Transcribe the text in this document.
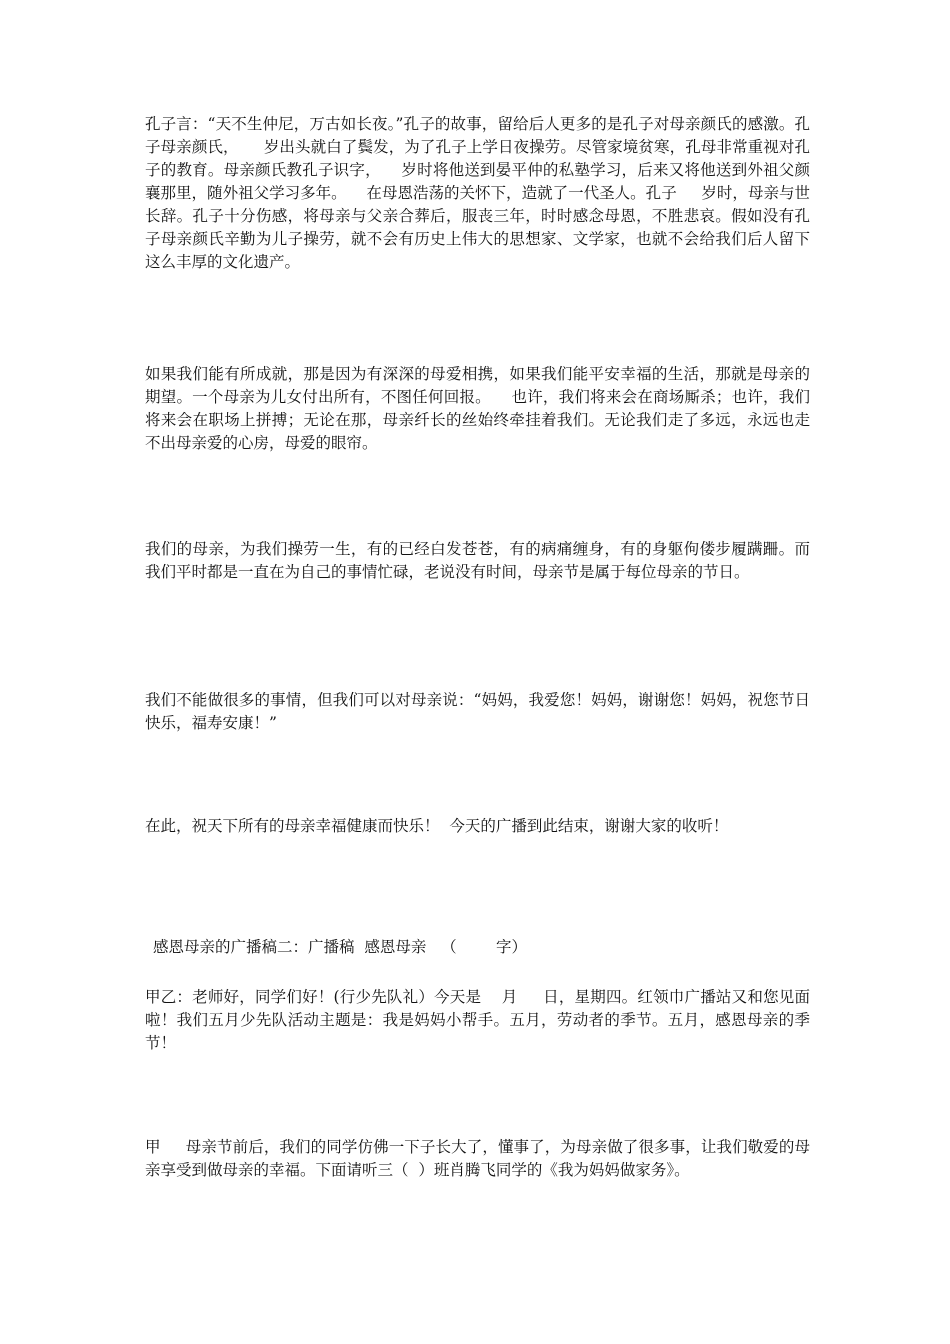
孔子言：“天不生仲尼，万古如长夜。”孔子的故事，留给后人更多的是孔子对母亲颜氏的感激。孔子母亲颜氏，     岁出头就白了鬓发，为了孔子上学日夜操劳。尽管家境贫寒，孔母非常重视对孔子的教育。母亲颜氏教孔子识字，    岁时将他送到晏平仲的私塾学习，后来又将他送到外祖父颜襄那里，随外祖父学习多年。    在母恩浩荡的关怀下，造就了一代圣人。孔子     岁时，母亲与世长辞。孔子十分伤感，将母亲与父亲合葬后，服丧三年，时时感念母恩，不胜悲哀。假如没有孔子母亲颜氏辛勤为儿子操劳，就不会有历史上伟大的思想家、文学家，也就不会给我们后人留下这么丰厚的文化遗产。

如果我们能有所成就，那是因为有深深的母爱相携，如果我们能平安幸福的生活，那就是母亲的期望。一个母亲为儿女付出所有，不图任何回报。    也许，我们将来会在商场厮杀；也许，我们将来会在职场上拼搏；无论在那，母亲纤长的丝始终牵挂着我们。无论我们走了多远，永远也走不出母亲爱的心房，母爱的眼帘。

我们的母亲，为我们操劳一生，有的已经白发苍苍，有的病痛缠身，有的身躯佝偻步履蹒跚。而我们平时都是一直在为自己的事情忙碌，老说没有时间，母亲节是属于每位母亲的节日。

我们不能做很多的事情，但我们可以对母亲说：“妈妈，我爱您！妈妈，谢谢您！妈妈，祝您节日快乐，福寿安康！”

在此，祝天下所有的母亲幸福健康而快乐！  今天的广播到此结束，谢谢大家的收听！

感恩母亲的广播稿二：广播稿  感恩母亲   （        字）

甲乙：老师好，同学们好！(行少先队礼）今天是    月     日，星期四。红领巾广播站又和您见面啦！我们五月少先队活动主题是：我是妈妈小帮手。五月，劳动者的季节。五月，感恩母亲的季节！

甲     母亲节前后，我们的同学仿佛一下子长大了，懂事了，为母亲做了很多事，让我们敬爱的母亲享受到做母亲的幸福。下面请听三（  ）班肖腾飞同学的《我为妈妈做家务》。
